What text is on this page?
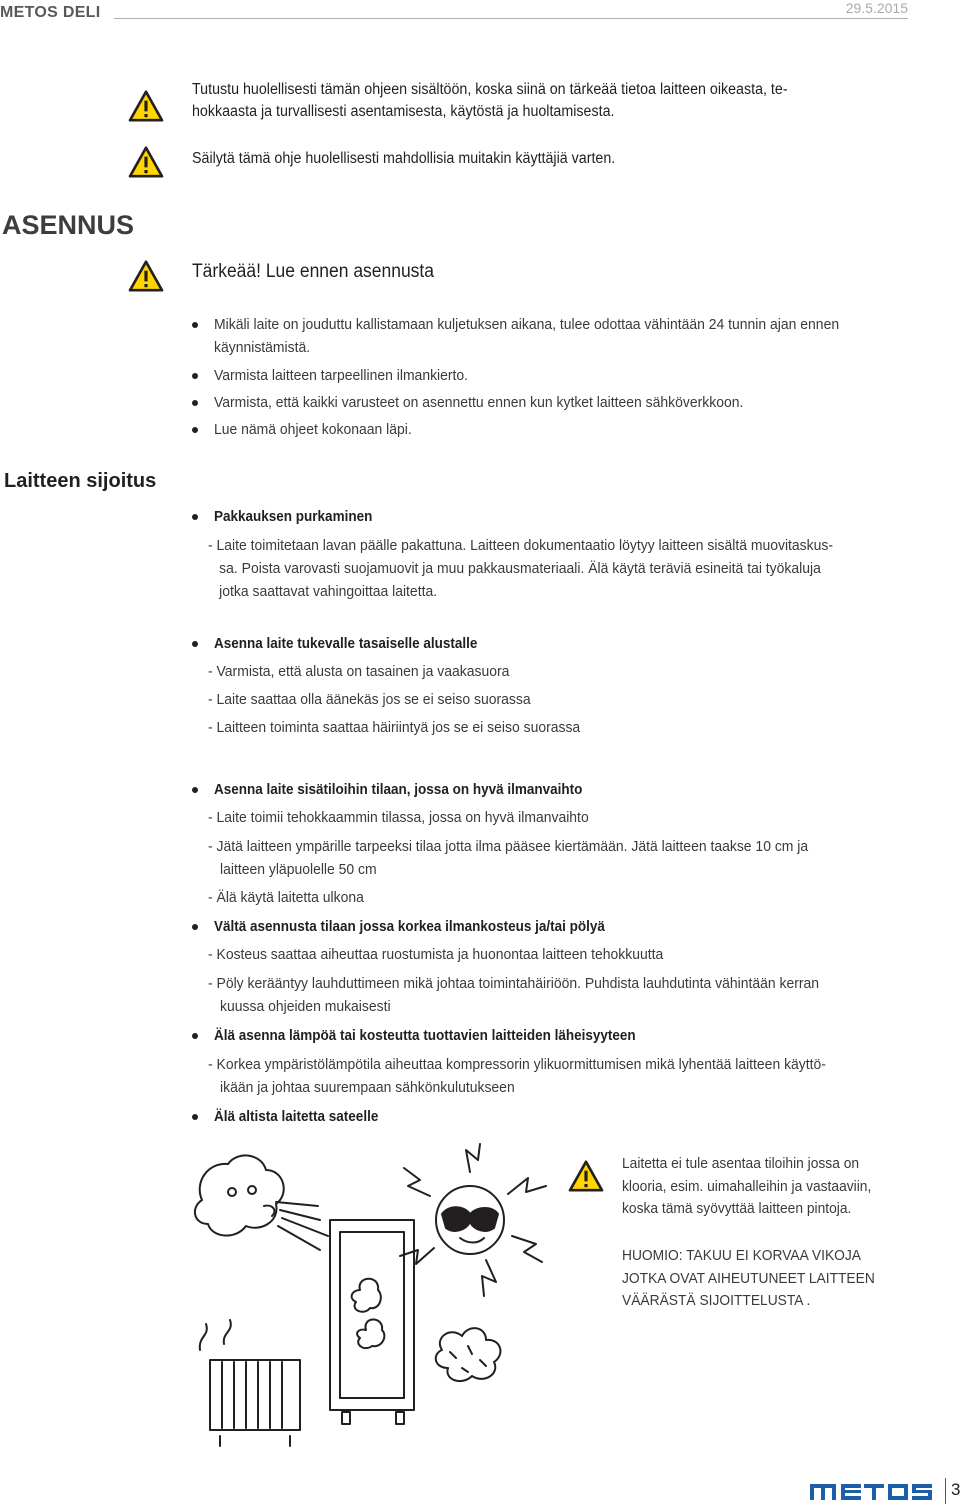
METOS DELI	29.5.2015
Tutustu huolellisesti tämän ohjeen sisältöön, koska siinä on tärkeää tietoa laitteen oikeasta, te-
hokkaasta ja turvallisesti asentamisesta, käytöstä ja huoltamisesta.
Säilytä tämä ohje huolellisesti mahdollisia muitakin käyttäjiä varten.
ASENNUS
Tärkeää! Lue ennen asennusta
Mikäli laite on jouduttu kallistamaan kuljetuksen aikana, tulee odottaa vähintään 24 tunnin ajan ennen
käynnistämistä.
Varmista laitteen tarpeellinen ilmankierto.
Varmista, että kaikki varusteet on asennettu ennen kun kytket laitteen sähköverkkoon.
Lue nämä ohjeet kokonaan läpi.
Laitteen sijoitus
Pakkauksen purkaminen
- Laite toimitetaan lavan päälle pakattuna. Laitteen dokumentaatio löytyy laitteen sisältä muovitaskus-
sa. Poista varovasti suojamuovit ja muu pakkausmateriaali. Älä käytä teräviä esineitä tai työkaluja
jotka saattavat vahingoittaa laitetta.
Asenna laite tukevalle tasaiselle alustalle
- Varmista, että alusta on tasainen ja vaakasuora
- Laite saattaa olla äänekäs jos se ei seiso suorassa
- Laitteen toiminta saattaa häiriintyä jos se ei seiso suorassa
Asenna laite sisätiloihin tilaan, jossa on hyvä ilmanvaihto
- Laite toimii tehokkaammin tilassa, jossa on hyvä ilmanvaihto
- Jätä laitteen ympärille tarpeeksi tilaa jotta ilma pääsee kiertämään. Jätä laitteen taakse 10 cm ja
laitteen yläpuolelle 50 cm
- Älä käytä laitetta ulkona
Vältä asennusta tilaan jossa korkea ilmankosteus ja/tai pölyä
- Kosteus saattaa aiheuttaa ruostumista ja huonontaa laitteen tehokkuutta
- Pöly kerääntyy lauhduttimeen mikä johtaa toimintahäiriöön. Puhdista lauhdutinta vähintään kerran
kuussa ohjeiden mukaisesti
Älä asenna lämpöä tai kosteutta tuottavien laitteiden läheisyyteen
- Korkea ympäristölämpötila aiheuttaa kompressorin ylikuormittumisen mikä lyhentää laitteen käyttö-
ikään ja johtaa suurempaan sähkönkulutukseen
Älä altista laitetta sateelle
Laitetta ei tule asentaa tiloihin jossa on
klooria, esim. uimahalleihin ja vastaaviin,
koska tämä syövyttää laitteen pintoja.
HUOMIO: TAKUU EI KORVAA VIKOJA
JOTKA OVAT AIHEUTUNEET LAITTEEN
VÄÄRÄSTÄ SIJOITTELUSTA .
3
